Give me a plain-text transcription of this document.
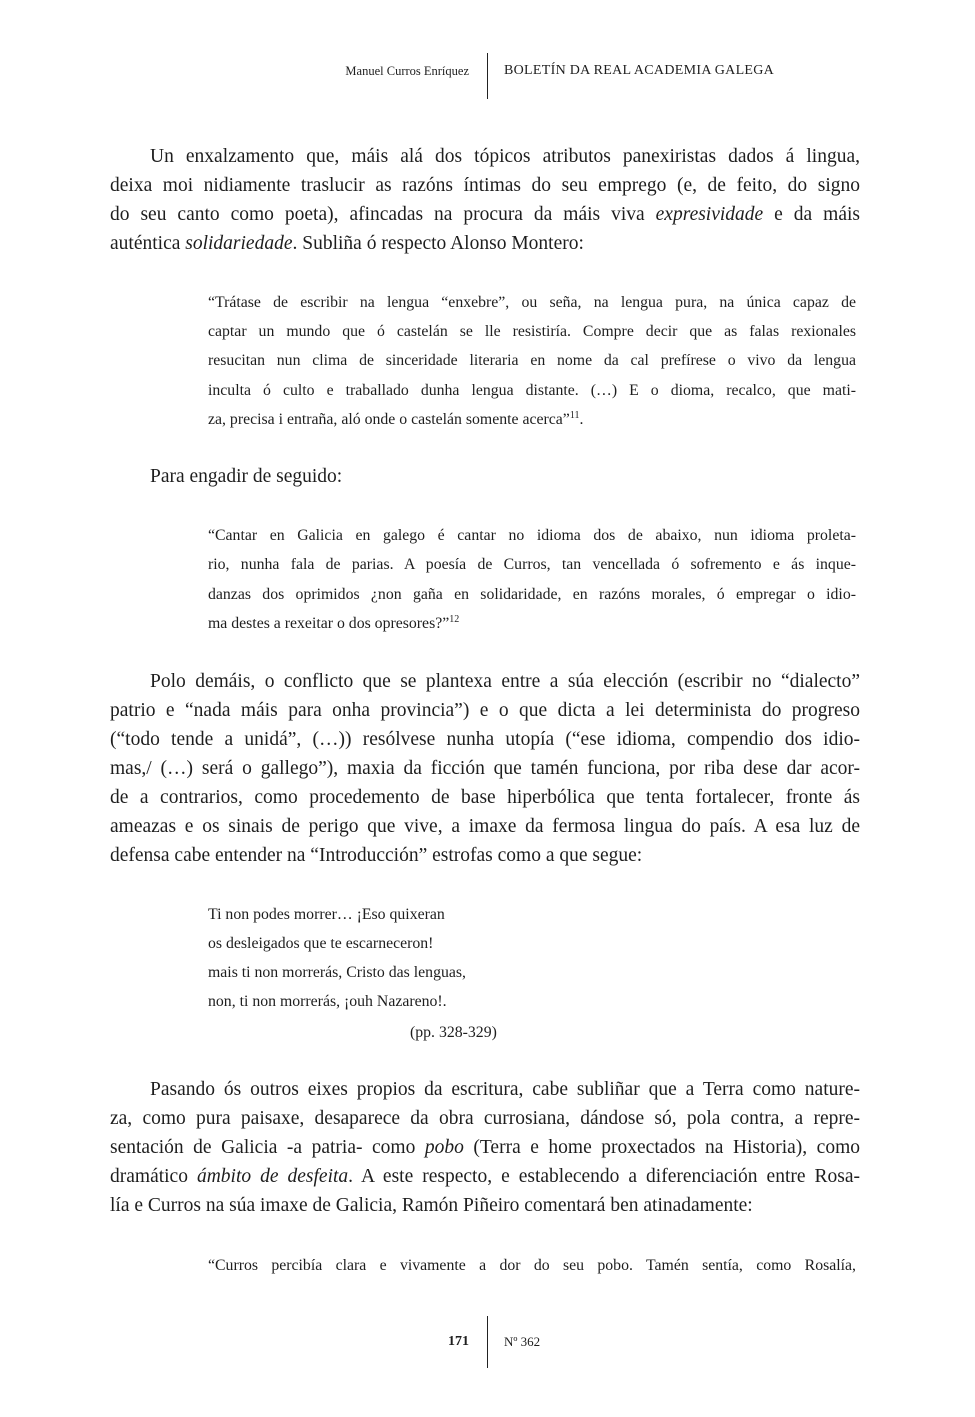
Manuel Curros Enríquez	BOLETÍN DA REAL ACADEMIA GALEGA
Un enxalzamento que, máis alá dos tópicos atributos panexiristas dados á lingua,
deixa moi nidiamente traslucir as razóns íntimas do seu emprego (e, de feito, do signo
do seu canto como poeta), afincadas na procura da máis viva expresividade e da máis
auténtica solidariedade. Subliña ó respecto Alonso Montero:
“Trátase de escribir na lengua “enxebre”, ou seña, na lengua pura, na única capaz de
captar un mundo que ó castelán se lle resistiría. Compre decir que as falas rexionales
resucitan nun clima de sinceridade literaria en nome da cal prefírese o vivo da lengua
inculta ó culto e traballado dunha lengua distante. (…) E o dioma, recalco, que mati-
za, precisa i entraña, aló onde o castelán somente acerca”$^{11}$.
Para engadir de seguido:
“Cantar en Galicia en galego é cantar no idioma dos de abaixo, nun idioma proleta-
rio, nunha fala de parias. A poesía de Curros, tan vencellada ó sofremento e ás inque-
danzas dos oprimidos ¿non gaña en solidaridade, en razóns morales, ó empregar o idio-
ma destes a rexeitar o dos opresores?”$^{12}$
Polo demáis, o conflicto que se plantexa entre a súa elección (escribir no “dialecto”
patrio e “nada máis para onha provincia”) e o que dicta a lei determinista do progreso
(“todo tende a unidá”, (…)) resólvese nunha utopía (“ese idioma, compendio dos idio-
mas,/ (…) será o gallego”), maxia da ficción que tamén funciona, por riba dese dar acor-
de a contrarios, como procedemento de base hiperbólica que tenta fortalecer, fronte ás
ameazas e os sinais de perigo que vive, a imaxe da fermosa lingua do país. A esa luz de
defensa cabe entender na “Introducción” estrofas como a que segue:
Ti non podes morrer… ¡Eso quixeran
os desleigados que te escarneceron!
mais ti non morrerás, Cristo das lenguas,
non, ti non morrerás, ¡ouh Nazareno!.
(pp. 328-329)
Pasando ós outros eixes propios da escritura, cabe subliñar que a Terra como nature-
za, como pura paisaxe, desaparece da obra currosiana, dándose só, pola contra, a repre-
sentación de Galicia -a patria- como pobo (Terra e home proxectados na Historia), como
dramático ámbito de desfeita. A este respecto, e establecendo a diferenciación entre Rosa-
lía e Curros na súa imaxe de Galicia, Ramón Piñeiro comentará ben atinadamente:
“Curros percibía clara e vivamente a dor do seu pobo. Tamén sentía, como Rosalía,
171	Nº 362
